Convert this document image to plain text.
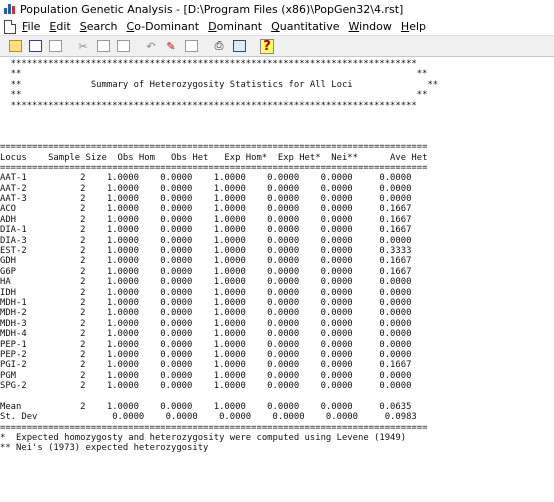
Population Genetic Analysis - [D:\Program Files (x86)\PopGen32\4.rst]
File Edit Search Co-Dominant Dominant Quantitative Window Help
✂	↶ ✎	⎙	?
****************************************************************************
**	**
**             Summary of Heterozygosity Statistics for All Loci              **
**	**
****************************************************************************

================================================================================
Locus    Sample Size  Obs Hom   Obs Het   Exp Hom*  Exp Het*  Nei**      Ave Het
================================================================================
AAT-1          2    1.0000    0.0000    1.0000    0.0000    0.0000     0.0000
AAT-2          2    1.0000    0.0000    1.0000    0.0000    0.0000     0.0000
AAT-3          2    1.0000    0.0000    1.0000    0.0000    0.0000     0.0000
ACO            2    1.0000    0.0000    1.0000    0.0000    0.0000     0.1667
ADH            2    1.0000    0.0000    1.0000    0.0000    0.0000     0.1667
DIA-1          2    1.0000    0.0000    1.0000    0.0000    0.0000     0.1667
DIA-3          2    1.0000    0.0000    1.0000    0.0000    0.0000     0.0000
EST-2          2    1.0000    0.0000    1.0000    0.0000    0.0000     0.3333
GDH            2    1.0000    0.0000    1.0000    0.0000    0.0000     0.1667
G6P            2    1.0000    0.0000    1.0000    0.0000    0.0000     0.1667
HA             2    1.0000    0.0000    1.0000    0.0000    0.0000     0.0000
IDH            2    1.0000    0.0000    1.0000    0.0000    0.0000     0.0000
MDH-1          2    1.0000    0.0000    1.0000    0.0000    0.0000     0.0000
MDH-2          2    1.0000    0.0000    1.0000    0.0000    0.0000     0.0000
MDH-3          2    1.0000    0.0000    1.0000    0.0000    0.0000     0.0000
MDH-4          2    1.0000    0.0000    1.0000    0.0000    0.0000     0.0000
PEP-1          2    1.0000    0.0000    1.0000    0.0000    0.0000     0.0000
PEP-2          2    1.0000    0.0000    1.0000    0.0000    0.0000     0.0000
PGI-2          2    1.0000    0.0000    1.0000    0.0000    0.0000     0.1667
PGM            2    1.0000    0.0000    1.0000    0.0000    0.0000     0.0000
SPG-2          2    1.0000    0.0000    1.0000    0.0000    0.0000     0.0000

Mean           2    1.0000    0.0000    1.0000    0.0000    0.0000     0.0635
St. Dev              0.0000    0.0000    0.0000    0.0000    0.0000     0.0983
================================================================================
*  Expected homozygosty and heterozygosity were computed using Levene (1949)
** Nei's (1973) expected heterozygosity
